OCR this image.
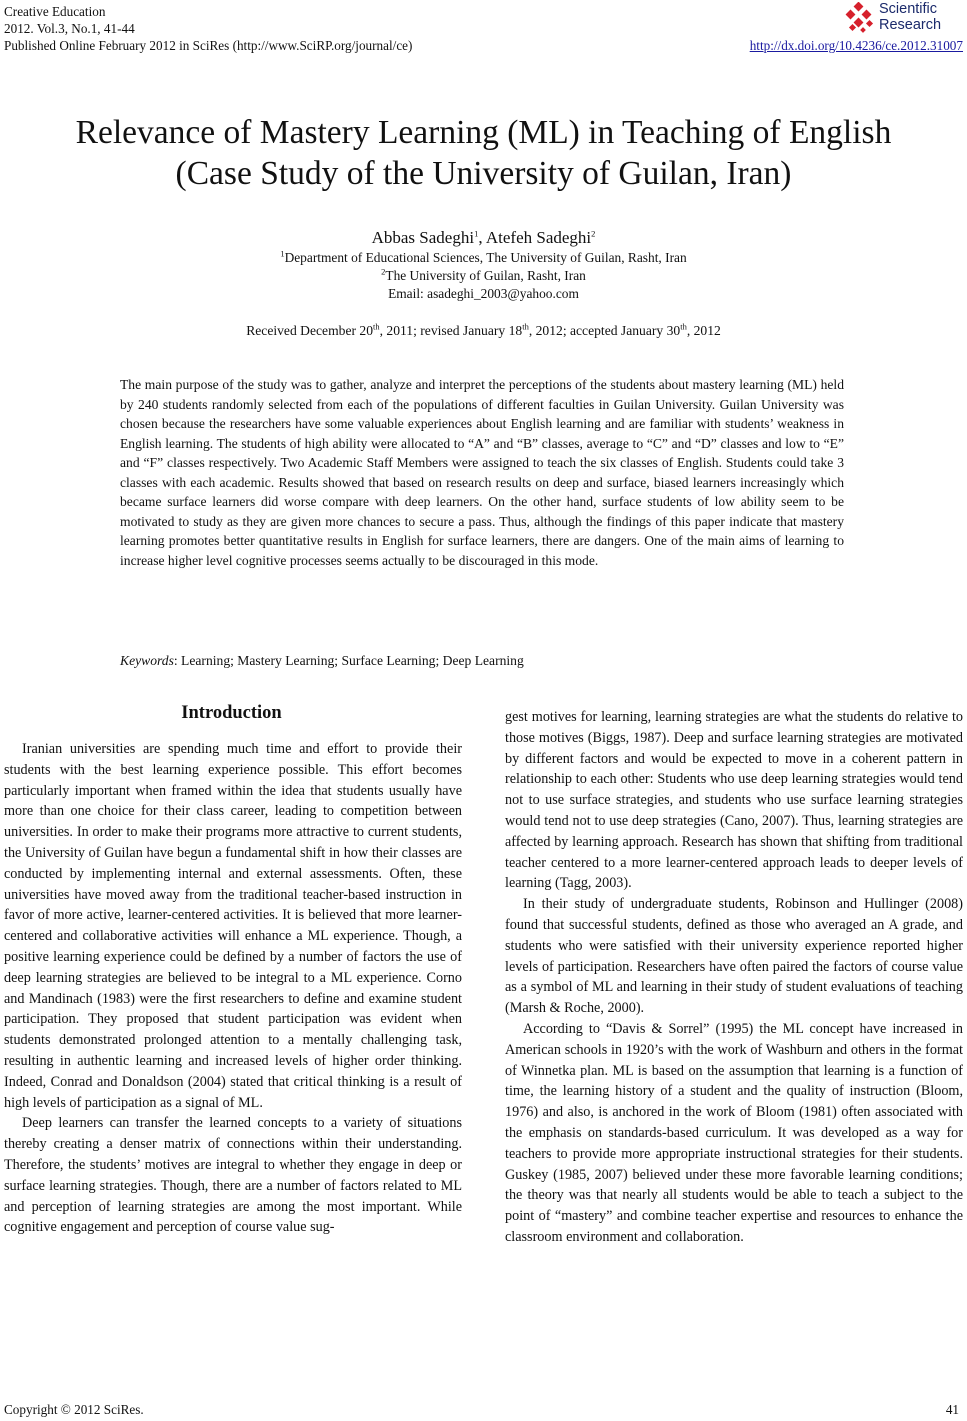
Creative Education
2012. Vol.3, No.1, 41-44
Published Online February 2012 in SciRes (http://www.SciRP.org/journal/ce)	http://dx.doi.org/10.4236/ce.2012.31007
Scientific
Research
Relevance of Mastery Learning (ML) in Teaching of English
(Case Study of the University of Guilan, Iran)
Abbas Sadeghi$^1$, Atefeh Sadeghi$^2$
$^1$Department of Educational Sciences, The University of Guilan, Rasht, Iran
$^2$The University of Guilan, Rasht, Iran
Email: asadeghi_2003@yahoo.com
Received December 20th, 2011; revised January 18th, 2012; accepted January 30th, 2012

The main purpose of the study was to gather, analyze and interpret the perceptions of the students about mastery learning (ML) held by 240 students randomly selected from each of the populations of different faculties in Guilan University. Guilan University was chosen because the researchers have some valuable experiences about English learning and are familiar with students’ weakness in English learning. The students of high ability were allocated to “A” and “B” classes, average to “C” and “D” classes and low to “E” and “F” classes respectively. Two Academic Staff Members were assigned to teach the six classes of English. Students could take 3 classes with each academic. Results showed that based on research results on deep and surface, biased learners increasingly which became surface learners did worse compare with deep learners. On the other hand, surface students of low ability seem to be motivated to study as they are given more chances to secure a pass. Thus, although the findings of this paper indicate that mastery learning promotes better quantitative results in English for surface learners, there are dangers. One of the main aims of learning to increase higher level cognitive processes seems actually to be discouraged in this mode.

Keywords: Learning; Mastery Learning; Surface Learning; Deep Learning

Introduction

Iranian universities are spending much time and effort to provide their students with the best learning experience possible. This effort becomes particularly important when framed within the idea that students usually have more than one choice for their class career, leading to competition between universities. In order to make their programs more attractive to current students, the University of Guilan have begun a fundamental shift in how their classes are conducted by implementing internal and external assessments. Often, these universities have moved away from the traditional teacher-based instruction in favor of more active, learner-centered activities. It is believed that more learner-centered and collaborative activities will enhance a ML experience. Though, a positive learning experience could be defined by a number of factors the use of deep learning strategies are believed to be integral to a ML experience. Corno and Mandinach (1983) were the first researchers to define and examine student participation. They proposed that student participation was evident when students demonstrated prolonged attention to a mentally challenging task, resulting in authentic learning and increased levels of higher order thinking. Indeed, Conrad and Donaldson (2004) stated that critical thinking is a result of high levels of participation as a signal of ML.

Deep learners can transfer the learned concepts to a variety of situations thereby creating a denser matrix of connections within their understanding. Therefore, the students’ motives are integral to whether they engage in deep or surface learning strategies. Though, there are a number of factors related to ML and perception of learning strategies are among the most important. While cognitive engagement and perception of course value sug-

gest motives for learning, learning strategies are what the students do relative to those motives (Biggs, 1987). Deep and surface learning strategies are motivated by different factors and would be expected to move in a coherent pattern in relationship to each other: Students who use deep learning strategies would tend not to use surface strategies, and students who use surface learning strategies would tend not to use deep strategies (Cano, 2007). Thus, learning strategies are affected by learning approach. Research has shown that shifting from traditional teacher centered to a more learner-centered approach leads to deeper levels of learning (Tagg, 2003).

In their study of undergraduate students, Robinson and Hullinger (2008) found that successful students, defined as those who averaged an A grade, and students who were satisfied with their university experience reported higher levels of participation. Researchers have often paired the factors of course value as a symbol of ML and learning in their study of student evaluations of teaching (Marsh & Roche, 2000).

According to “Davis & Sorrel” (1995) the ML concept have increased in American schools in 1920’s with the work of Washburn and others in the format of Winnetka plan. ML is based on the assumption that learning is a function of time, the learning history of a student and the quality of instruction (Bloom, 1976) and also, is anchored in the work of Bloom (1981) often associated with the emphasis on standards-based curriculum. It was developed as a way for teachers to provide more appropriate instructional strategies for their students. Guskey (1985, 2007) believed under these more favorable learning conditions; the theory was that nearly all students would be able to teach a subject to the point of “mastery” and combine teacher expertise and resources to enhance the classroom environment and collaboration.

Copyright © 2012 SciRes.	41
